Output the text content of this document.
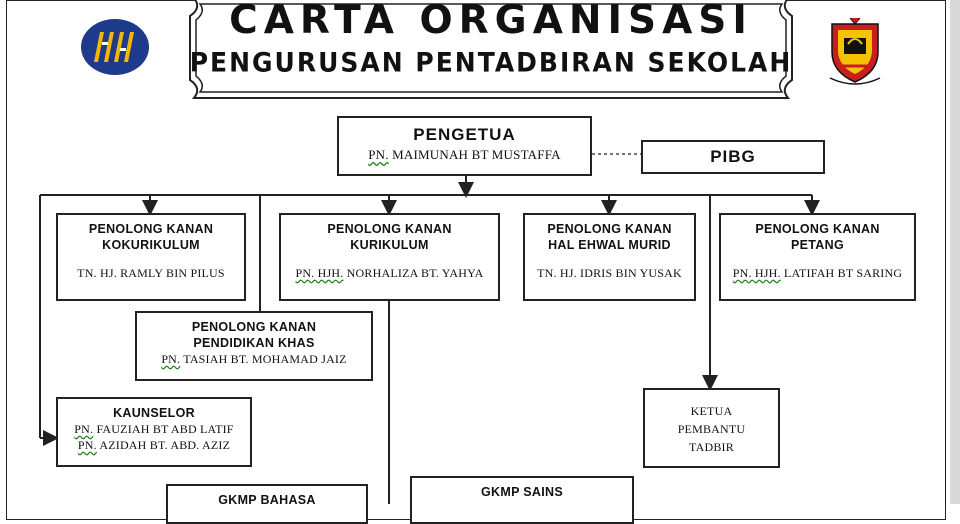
CARTA ORGANISASI
PENGURUSAN PENTADBIRAN SEKOLAH
PENGETUA
PN. MAIMUNAH BT MUSTAFFA	PIBG
PENOLONG KANAN
KOKURIKULUM
TN. HJ. RAMLY BIN PILUS
PENOLONG KANAN
KURIKULUM
PN. HJH. NORHALIZA BT. YAHYA
PENOLONG KANAN
HAL EHWAL MURID
TN. HJ. IDRIS BIN YUSAK
PENOLONG KANAN
PETANG
PN. HJH. LATIFAH BT SARING
PENOLONG KANAN
PENDIDIKAN KHAS
PN. TASIAH BT. MOHAMAD JAIZ
KAUNSELOR
PN. FAUZIAH BT ABD LATIF
PN. AZIDAH BT. ABD. AZIZ
KETUA
PEMBANTU
TADBIR
GKMP BAHASA
GKMP SAINS
